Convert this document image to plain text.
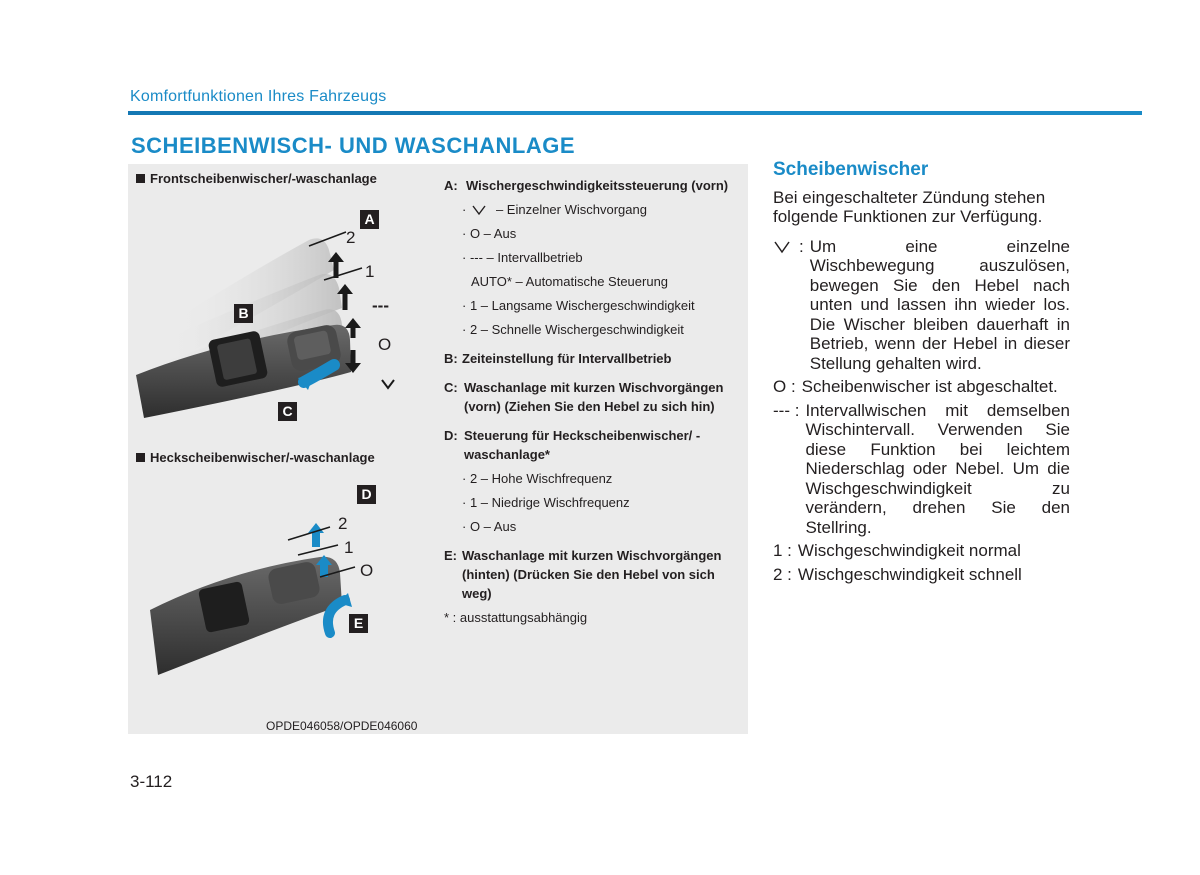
Komfortfunktionen Ihres Fahrzeugs
SCHEIBENWISCH- UND WASCHANLAGE
Frontscheibenwischer/-waschanlage
2
1
---
O
A
B
C
Heckscheibenwischer/-waschanlage
2
1
O
D
E
OPDE046058/OPDE046060
A: Wischergeschwindigkeitssteuerung (vorn)
· – Einzelner Wischvorgang
· O – Aus
· --- – Intervallbetrieb
AUTO* – Automatische Steuerung
· 1 – Langsame Wischergeschwindigkeit
· 2 – Schnelle Wischergeschwindigkeit
B: Zeiteinstellung für Intervallbetrieb
C: Waschanlage mit kurzen Wischvorgängen (vorn) (Ziehen Sie den Hebel zu sich hin)
D: Steuerung für Heckscheibenwischer/ -waschanlage*
· 2 – Hohe Wischfrequenz
· 1 – Niedrige Wischfrequenz
· O – Aus
E: Waschanlage mit kurzen Wischvorgängen (hinten) (Drücken Sie den Hebel von sich weg)
* : ausstattungsabhängig
Scheibenwischer

Bei eingeschalteter Zündung stehen folgende Funktionen zur Verfügung.

: Um eine einzelne Wischbewegung auszulösen, bewegen Sie den Hebel nach unten und lassen ihn wieder los. Die Wischer bleiben dauerhaft in Betrieb, wenn der Hebel in dieser Stellung gehalten wird.
O : Scheibenwischer ist abgeschaltet.
--- : Intervallwischen mit demselben Wischintervall. Verwenden Sie diese Funktion bei leichtem Niederschlag oder Nebel. Um die Wischgeschwindigkeit zu verändern, drehen Sie den Stellring.
1 : Wischgeschwindigkeit normal
2 : Wischgeschwindigkeit schnell
3-112
